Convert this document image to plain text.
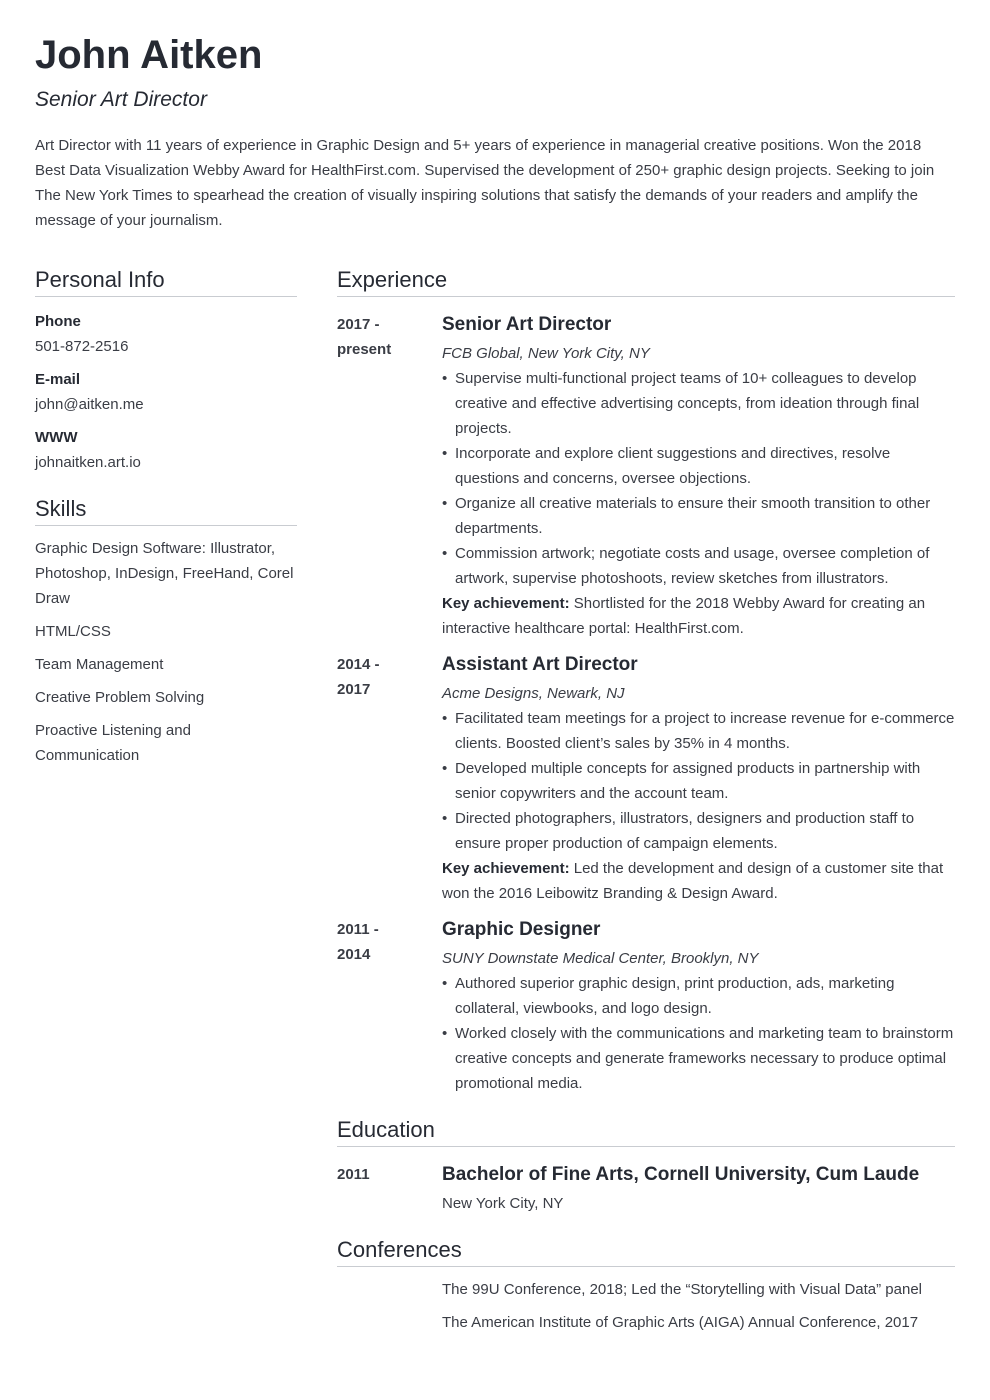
John Aitken
Senior Art Director

Art Director with 11 years of experience in Graphic Design and 5+ years of experience in managerial creative positions. Won the 2018 Best Data Visualization Webby Award for HealthFirst.com. Supervised the development of 250+ graphic design projects. Seeking to join The New York Times to spearhead the creation of visually inspiring solutions that satisfy the demands of your readers and amplify the message of your journalism.

Personal Info
Phone
501-872-2516
E-mail
john@aitken.me
WWW
johnaitken.art.io
Skills
Graphic Design Software: Illustrator, Photoshop, InDesign, FreeHand, Corel Draw
HTML/CSS
Team Management
Creative Problem Solving
Proactive Listening and Communication
Experience
2017 -
present
Senior Art Director
FCB Global, New York City, NY
• Supervise multi-functional project teams of 10+ colleagues to develop creative and effective advertising concepts, from ideation through final projects.
• Incorporate and explore client suggestions and directives, resolve questions and concerns, oversee objections.
• Organize all creative materials to ensure their smooth transition to other departments.
• Commission artwork; negotiate costs and usage, oversee completion of artwork, supervise photoshoots, review sketches from illustrators.
Key achievement: Shortlisted for the 2018 Webby Award for creating an interactive healthcare portal: HealthFirst.com.
2014 -
2017
Assistant Art Director
Acme Designs, Newark, NJ
• Facilitated team meetings for a project to increase revenue for e-commerce clients. Boosted client’s sales by 35% in 4 months.
• Developed multiple concepts for assigned products in partnership with senior copywriters and the account team.
• Directed photographers, illustrators, designers and production staff to ensure proper production of campaign elements.
Key achievement: Led the development and design of a customer site that won the 2016 Leibowitz Branding & Design Award.
2011 -
2014
Graphic Designer
SUNY Downstate Medical Center, Brooklyn, NY
• Authored superior graphic design, print production, ads, marketing collateral, viewbooks, and logo design.
• Worked closely with the communications and marketing team to brainstorm creative concepts and generate frameworks necessary to produce optimal promotional media.
Education
2011	Bachelor of Fine Arts, Cornell University, Cum Laude
New York City, NY
Conferences
The 99U Conference, 2018; Led the “Storytelling with Visual Data” panel
The American Institute of Graphic Arts (AIGA) Annual Conference, 2017
